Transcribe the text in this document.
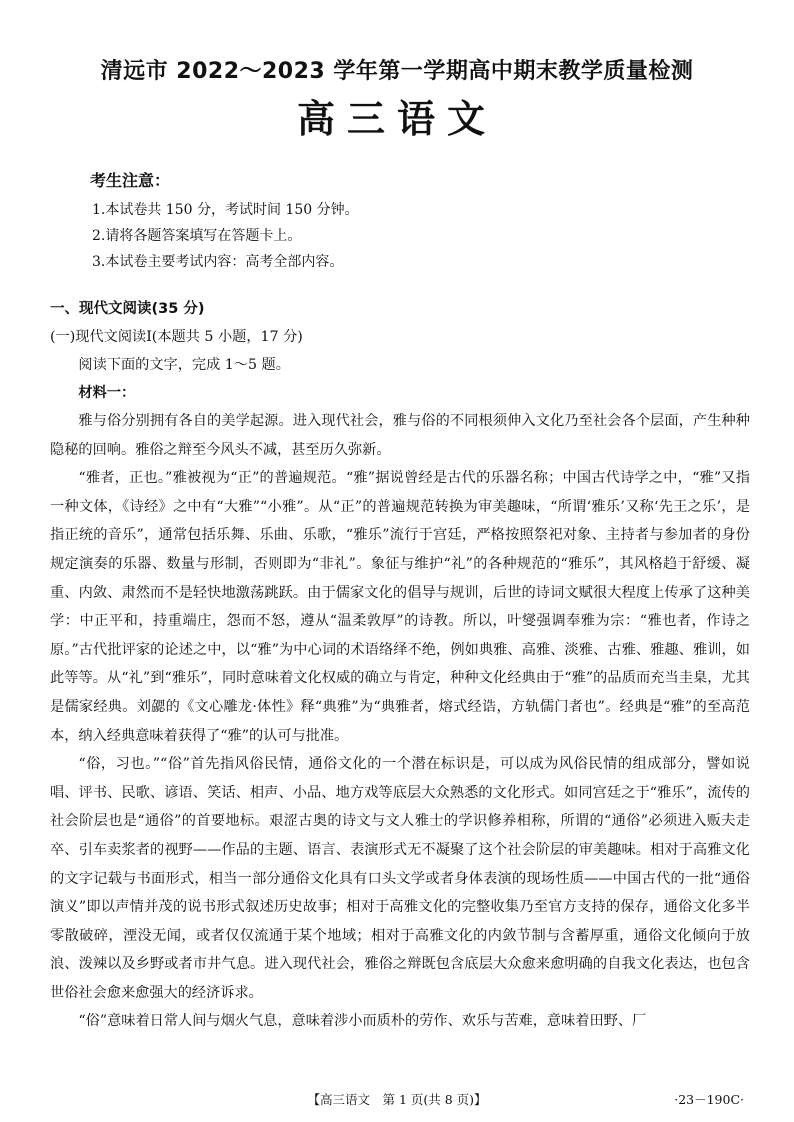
清远市 2022～2023 学年第一学期高中期末教学质量检测
高三语文
考生注意：
1.本试卷共 150 分，考试时间 150 分钟。
2.请将各题答案填写在答题卡上。
3.本试卷主要考试内容：高考全部内容。
一、现代文阅读(35 分)
(一)现代文阅读Ⅰ(本题共 5 小题，17 分)
阅读下面的文字，完成 1～5 题。
材料一：

雅与俗分别拥有各自的美学起源。进入现代社会，雅与俗的不同根须伸入文化乃至社会各个层面，产生种种隐秘的回响。雅俗之辩至今风头不减，甚至历久弥新。

“雅者，正也。”雅被视为“正”的普遍规范。“雅”据说曾经是古代的乐器名称；中国古代诗学之中，“雅”又指一种文体，《诗经》之中有“大雅”“小雅”。从“正”的普遍规范转换为审美趣味，“所谓‘雅乐’又称‘先王之乐’，是指正统的音乐”，通常包括乐舞、乐曲、乐歌，“雅乐”流行于宫廷，严格按照祭祀对象、主持者与参加者的身份规定演奏的乐器、数量与形制，否则即为“非礼”。象征与维护“礼”的各种规范的“雅乐”，其风格趋于舒缓、凝重、内敛、肃然而不是轻快地激荡跳跃。由于儒家文化的倡导与规训，后世的诗词文赋很大程度上传承了这种美学：中正平和，持重端庄，怨而不怒，遵从“温柔敦厚”的诗教。所以，叶燮强调奉雅为宗：“雅也者，作诗之原。”古代批评家的论述之中，以“雅”为中心词的术语络绎不绝，例如典雅、高雅、淡雅、古雅、雅趣、雅训，如此等等。从“礼”到“雅乐”，同时意味着文化权威的确立与肯定，种种文化经典由于“雅”的品质而充当圭臬，尤其是儒家经典。刘勰的《文心雕龙·体性》释“典雅”为“典雅者，熔式经诰，方轨儒门者也”。经典是“雅”的至高范本，纳入经典意味着获得了“雅”的认可与批准。

“俗，习也。”“俗”首先指风俗民情，通俗文化的一个潜在标识是，可以成为风俗民情的组成部分，譬如说唱、评书、民歌、谚语、笑话、相声、小品、地方戏等底层大众熟悉的文化形式。如同宫廷之于“雅乐”，流传的社会阶层也是“通俗”的首要地标。艰涩古奥的诗文与文人雅士的学识修养相称，所谓的“通俗”必须进入贩夫走卒、引车卖浆者的视野——作品的主题、语言、表演形式无不凝聚了这个社会阶层的审美趣味。相对于高雅文化的文字记载与书面形式，相当一部分通俗文化具有口头文学或者身体表演的现场性质——中国古代的一批“通俗演义”即以声情并茂的说书形式叙述历史故事；相对于高雅文化的完整收集乃至官方支持的保存，通俗文化多半零散破碎，湮没无闻，或者仅仅流通于某个地域；相对于高雅文化的内敛节制与含蓄厚重，通俗文化倾向于放浪、泼辣以及乡野或者市井气息。进入现代社会，雅俗之辩既包含底层大众愈来愈明确的自我文化表达，也包含世俗社会愈来愈强大的经济诉求。

“俗”意味着日常人间与烟火气息，意味着涉小而质朴的劳作、欢乐与苦难，意味着田野、厂

【高三语文　第 1 页(共 8 页)】	·23－190C·
